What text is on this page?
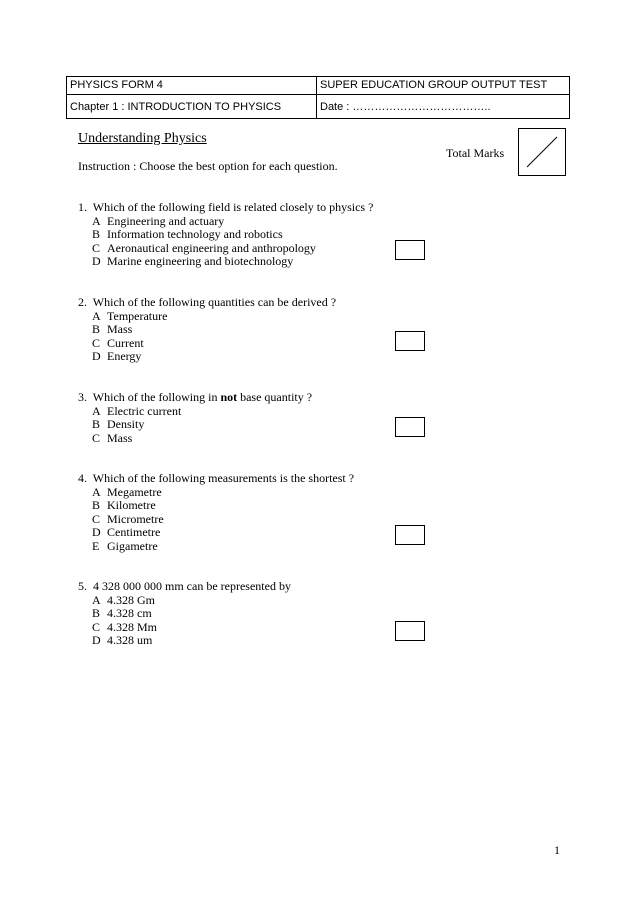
PHYSICS FORM 4	SUPER EDUCATION GROUP OUTPUT TEST
Chapter 1 : INTRODUCTION TO PHYSICS	Date : ………………………………..
Understanding Physics
Instruction : Choose the best option for each question.
Total Marks
1. Which of the following field is related closely to physics ?
A Engineering and actuary
B Information technology and robotics
C Aeronautical engineering and anthropology
D Marine engineering and biotechnology
2. Which of the following quantities can be derived ?
A Temperature
B Mass
C Current
D Energy
3. Which of the following in not base quantity ?
A Electric current
B Density
C Mass
4. Which of the following measurements is the shortest ?
A Megametre
B Kilometre
C Micrometre
D Centimetre
E Gigametre
5. 4 328 000 000 mm can be represented by
A 4.328 Gm
B 4.328 cm
C 4.328 Mm
D 4.328 um
1
